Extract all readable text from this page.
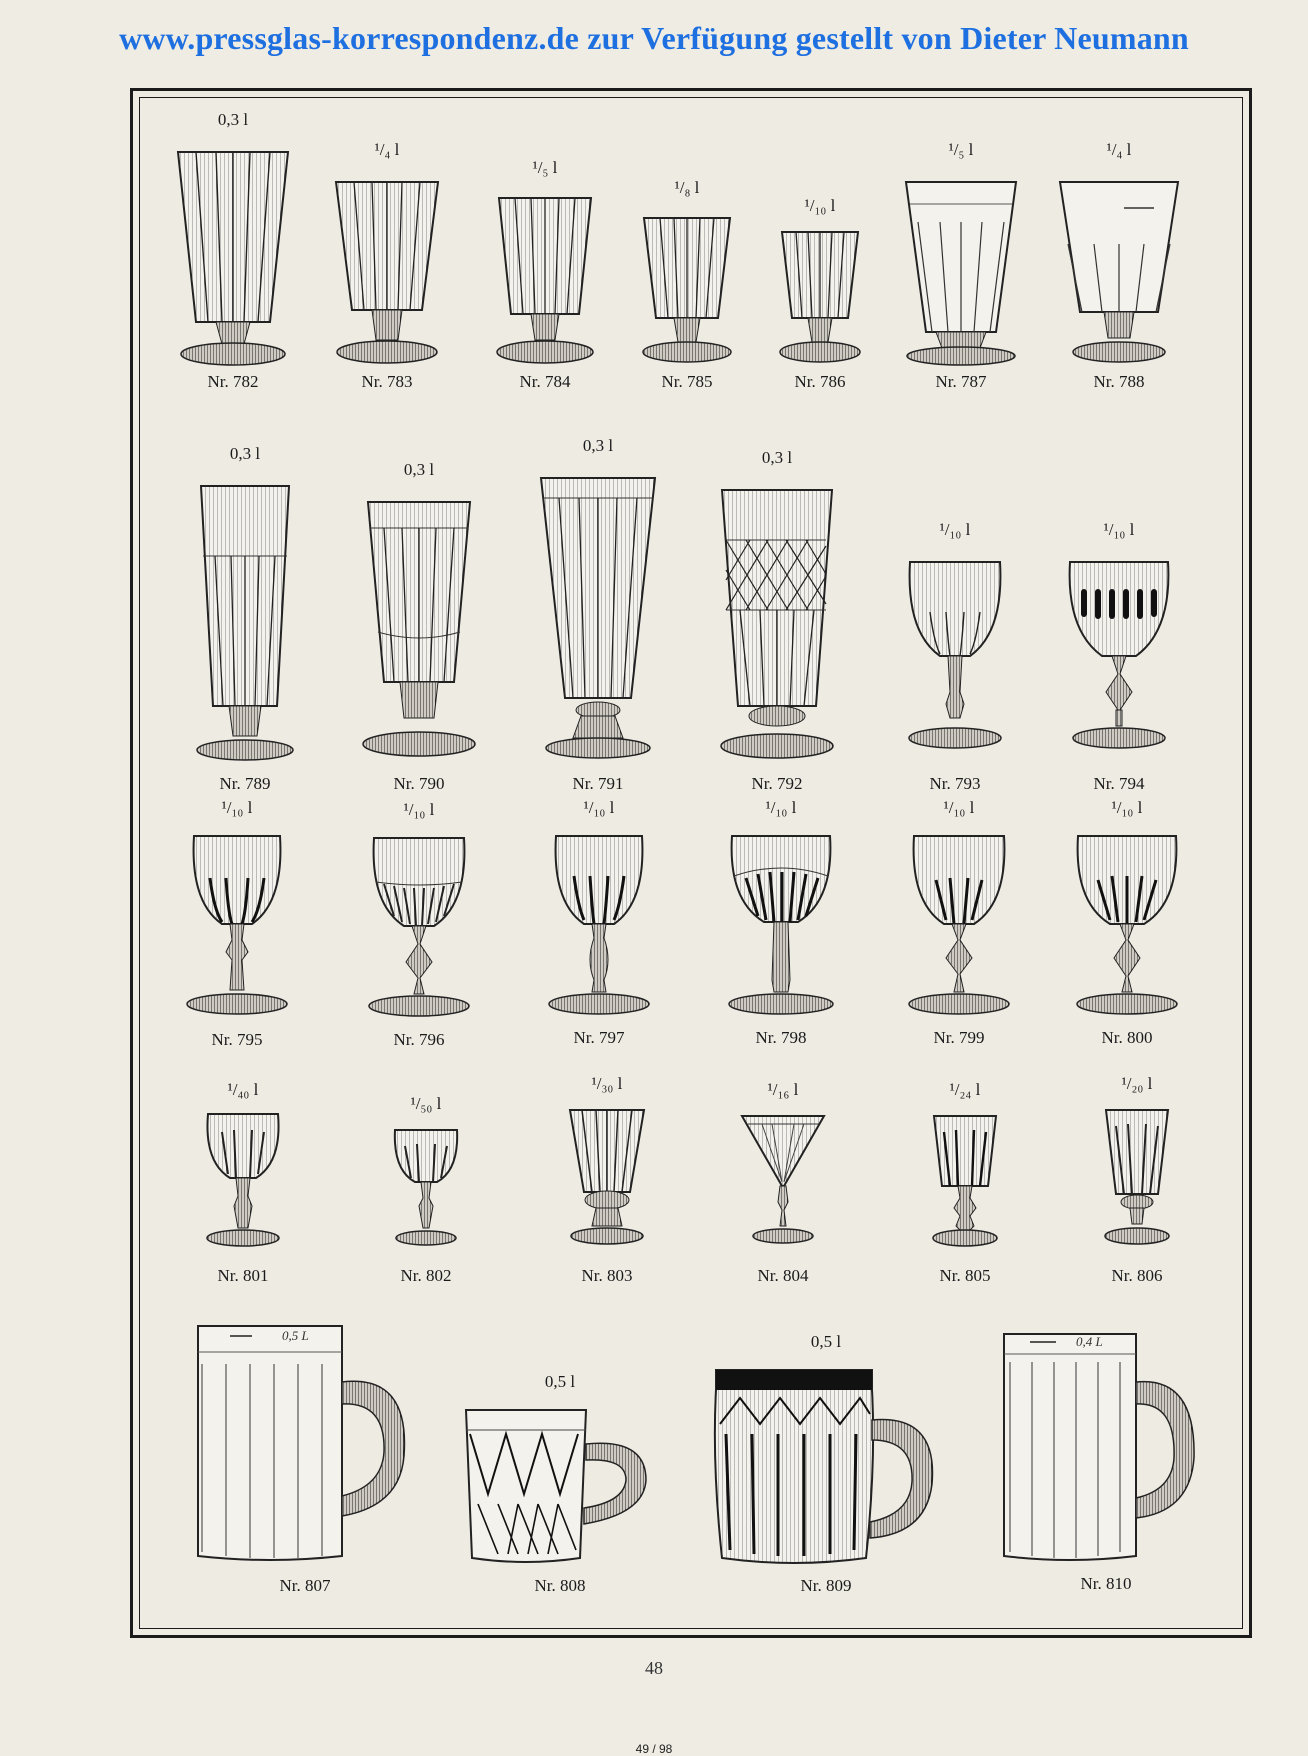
www.pressglas-korrespondenz.de zur Verfügung gestellt von Dieter Neumann
0,3 l
Nr. 782
¹/₄ l
Nr. 783
¹/₅ l
Nr. 784
¹/₈ l
Nr. 785
¹/₁₀ l
Nr. 786
¹/₅ l
Nr. 787
¹/₄ l
Nr. 788
0,3 l
Nr. 789
0,3 l
Nr. 790
0,3 l
Nr. 791
0,3 l
Nr. 792
¹/₁₀ l
Nr. 793
¹/₁₀ l
Nr. 794
¹/₁₀ l
Nr. 795
¹/₁₀ l
Nr. 796
¹/₁₀ l
Nr. 797
¹/₁₀ l
Nr. 798
¹/₁₀ l
Nr. 799
¹/₁₀ l
Nr. 800
¹/₄₀ l
Nr. 801
¹/₅₀ l
Nr. 802
¹/₃₀ l
Nr. 803
¹/₁₆ l
Nr. 804
¹/₂₄ l
Nr. 805
¹/₂₀ l
Nr. 806
0,5 L
Nr. 807
0,5 l
Nr. 808
0,5 l
Nr. 809
0,4 L
Nr. 810
48
49 / 98
